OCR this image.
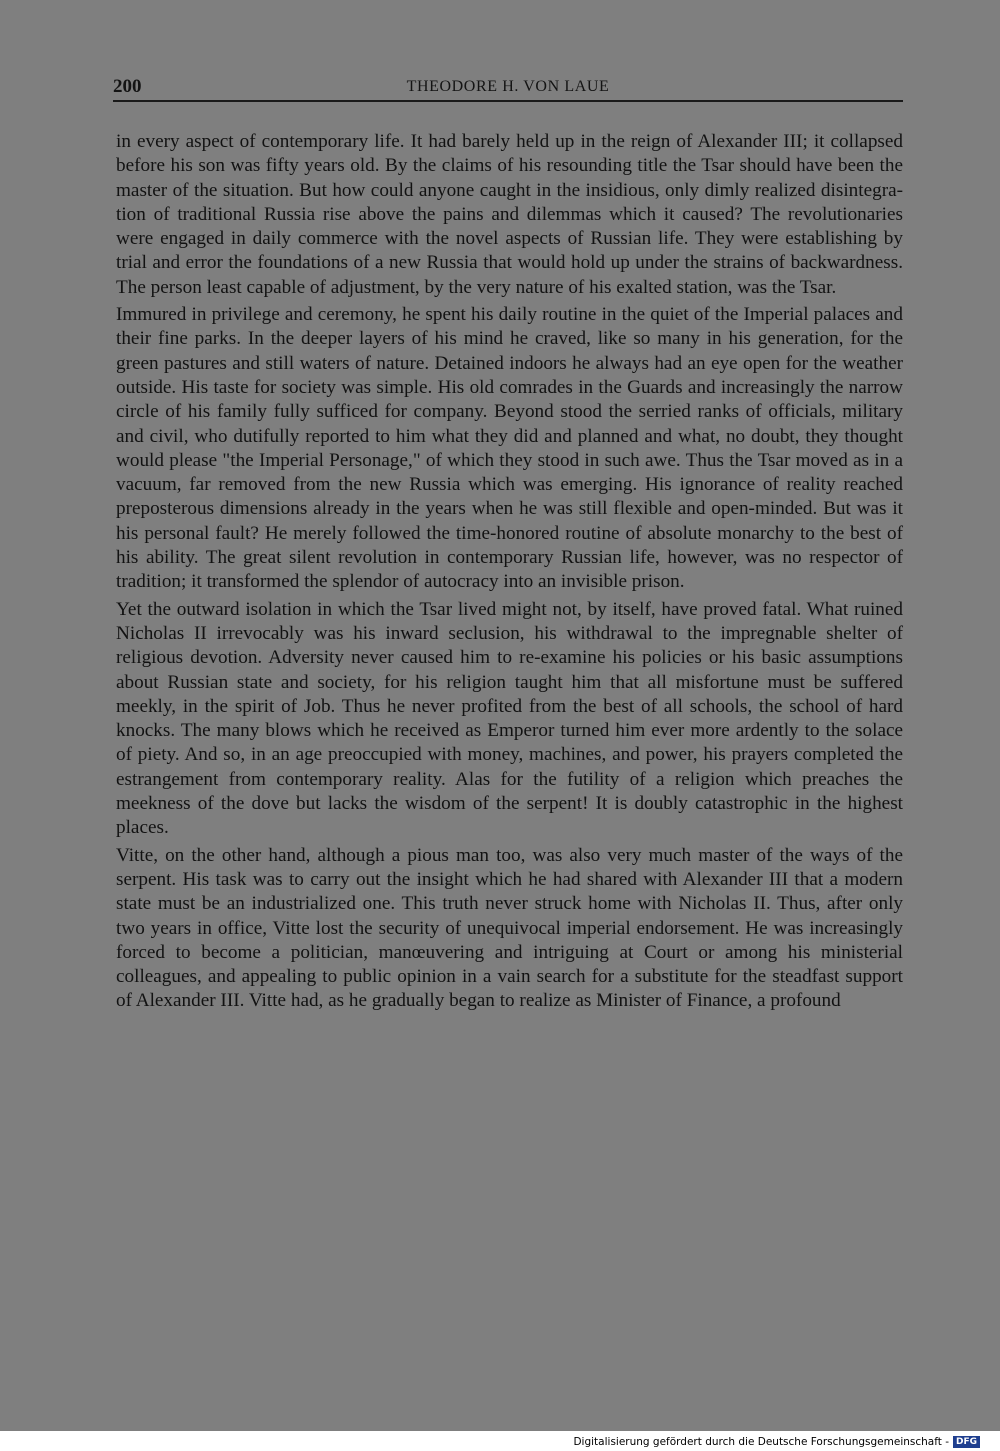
200	THEODORE H. VON LAUE

in every aspect of contemporary life. It had barely held up in the reign of Alexander III; it collapsed before his son was fifty years old. By the claims of his resounding title the Tsar should have been the master of the situation. But how could anyone caught in the insidious, only dimly realized disintegration of traditional Russia rise above the pains and dilemmas which it caused? The revolutionaries were engaged in daily commerce with the novel aspects of Russian life. They were establishing by trial and error the foundations of a new Russia that would hold up under the strains of backwardness. The person least capable of adjustment, by the very nature of his exalted station, was the Tsar.

Immured in privilege and ceremony, he spent his daily routine in the quiet of the Imperial palaces and their fine parks. In the deeper layers of his mind he craved, like so many in his generation, for the green pastures and still waters of nature. Detained indoors he always had an eye open for the weather outside. His taste for society was simple. His old comrades in the Guards and increasingly the narrow circle of his family fully sufficed for company. Beyond stood the serried ranks of officials, military and civil, who dutifully reported to him what they did and planned and what, no doubt, they thought would please "the Imperial Personage," of which they stood in such awe. Thus the Tsar moved as in a vacuum, far removed from the new Russia which was emerging. His ignorance of reality reached preposterous dimensions already in the years when he was still flexible and open-minded. But was it his personal fault? He merely followed the time-honored routine of absolute monarchy to the best of his ability. The great silent revolution in contemporary Russian life, however, was no respector of tradition; it transformed the splendor of autocracy into an invisible prison.

Yet the outward isolation in which the Tsar lived might not, by itself, have proved fatal. What ruined Nicholas II irrevocably was his inward seclusion, his withdrawal to the impregnable shelter of religious devotion. Adversity never caused him to re-examine his policies or his basic assumptions about Russian state and society, for his religion taught him that all misfortune must be suffered meekly, in the spirit of Job. Thus he never profited from the best of all schools, the school of hard knocks. The many blows which he received as Emperor turned him ever more ardently to the solace of piety. And so, in an age preoccupied with money, machines, and power, his prayers completed the estrangement from contemporary reality. Alas for the futility of a religion which preaches the meekness of the dove but lacks the wisdom of the serpent! It is doubly catastrophic in the highest places.

Vitte, on the other hand, although a pious man too, was also very much master of the ways of the serpent. His task was to carry out the insight which he had shared with Alexander III that a modern state must be an industrialized one. This truth never struck home with Nicholas II. Thus, after only two years in office, Vitte lost the security of unequivocal imperial endorsement. He was increasingly forced to become a politician, manœuvering and intriguing at Court or among his ministerial colleagues, and appealing to public opinion in a vain search for a substitute for the steadfast support of Alexander III. Vitte had, as he gradually began to realize as Minister of Finance, a profound

Digitalisierung gefördert durch die Deutsche Forschungsgemeinschaft - DFG
